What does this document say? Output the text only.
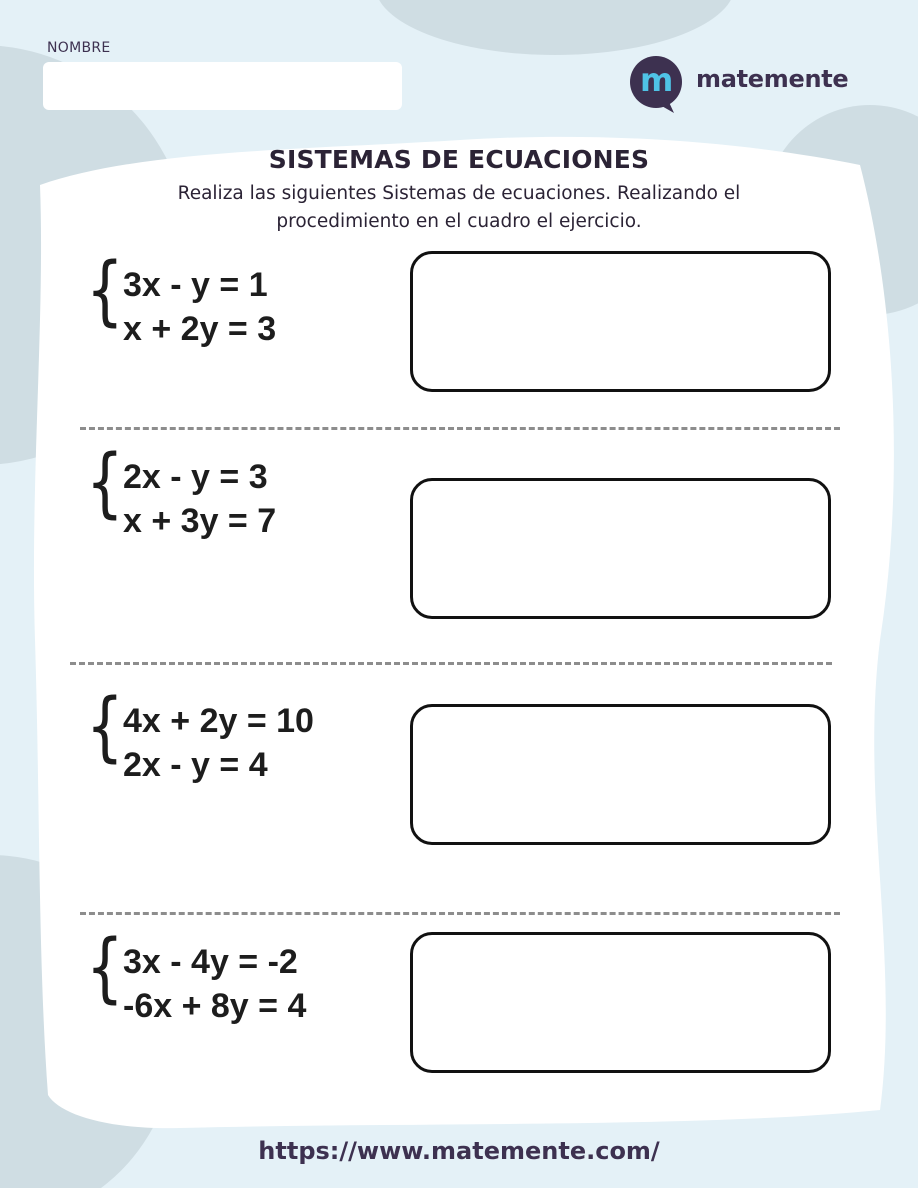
NOMBRE
m matemente
SISTEMAS DE ECUACIONES
Realiza las siguientes Sistemas de ecuaciones. Realizando el procedimiento en el cuadro el ejercicio.
{ 3x - y = 1
x + 2y = 3
{ 2x - y = 3
x + 3y = 7
{ 4x + 2y = 10
2x - y = 4
{ 3x - 4y = -2
-6x + 8y = 4
https://www.matemente.com/
